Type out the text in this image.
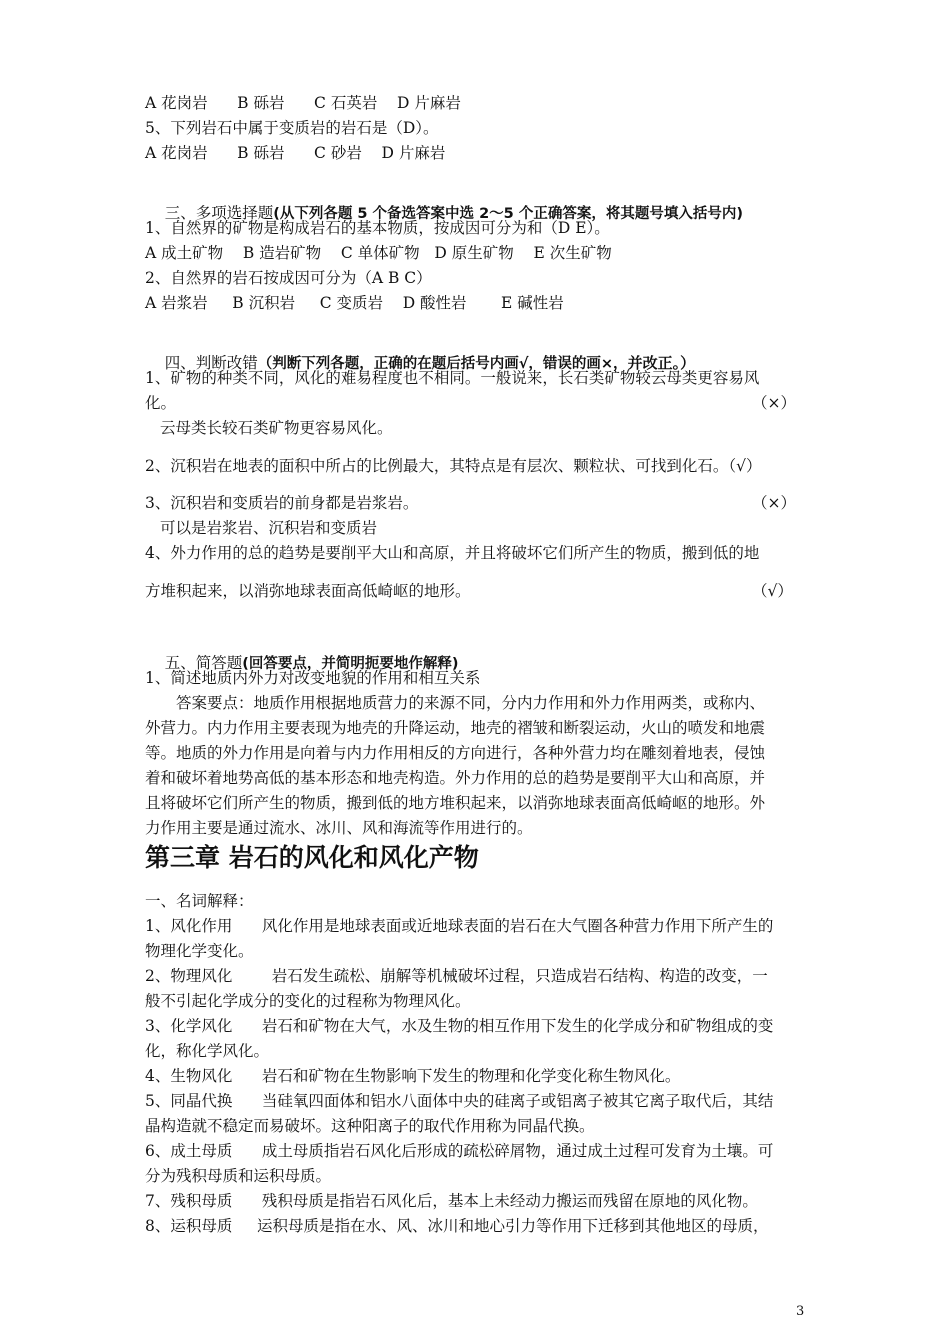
A 花岗岩      B 砾岩      C 石英岩    D 片麻岩
5、下列岩石中属于变质岩的岩石是（D）。
A 花岗岩      B 砾岩      C 砂岩    D 片麻岩

三、多项选择题(从下列各题 5 个备选答案中选 2～5 个正确答案，将其题号填入括号内)

1、自然界的矿物是构成岩石的基本物质，按成因可分为和（D E）。
A 成土矿物    B 造岩矿物    C 单体矿物   D 原生矿物    E 次生矿物
2、自然界的岩石按成因可分为（A B C）
A 岩浆岩     B 沉积岩     C 变质岩    D 酸性岩       E 碱性岩

四、判断改错（判断下列各题，正确的在题后括号内画√，错误的画×，并改正。）

1、矿物的种类不同，风化的难易程度也不相同。一般说来，长石类矿物较云母类更容易风
化。	（×）
云母类长较石类矿物更容易风化。
2、沉积岩在地表的面积中所占的比例最大，其特点是有层次、颗粒状、可找到化石。（√）
3、沉积岩和变质岩的前身都是岩浆岩。	（×）
可以是岩浆岩、沉积岩和变质岩
4、外力作用的总的趋势是要削平大山和高原，并且将破坏它们所产生的物质，搬到低的地
方堆积起来，以消弥地球表面高低崎岖的地形。	（√）

五、简答题(回答要点，并简明扼要地作解释)

1、简述地质内外力对改变地貌的作用和相互关系
答案要点：地质作用根据地质营力的来源不同，分内力作用和外力作用两类，或称内、
外营力。内力作用主要表现为地壳的升降运动，地壳的褶皱和断裂运动，火山的喷发和地震
等。地质的外力作用是向着与内力作用相反的方向进行，各种外营力均在雕刻着地表，侵蚀
着和破坏着地势高低的基本形态和地壳构造。外力作用的总的趋势是要削平大山和高原，并
且将破坏它们所产生的物质，搬到低的地方堆积起来，以消弥地球表面高低崎岖的地形。外
力作用主要是通过流水、冰川、风和海流等作用进行的。
第三章 岩石的风化和风化产物
一、名词解释：
1、风化作用      风化作用是地球表面或近地球表面的岩石在大气圈各种营力作用下所产生的
物理化学变化。
2、物理风化        岩石发生疏松、崩解等机械破坏过程，只造成岩石结构、构造的改变，一
般不引起化学成分的变化的过程称为物理风化。
3、化学风化      岩石和矿物在大气，水及生物的相互作用下发生的化学成分和矿物组成的变
化，称化学风化。
4、生物风化      岩石和矿物在生物影响下发生的物理和化学变化称生物风化。
5、同晶代换      当硅氧四面体和铝水八面体中央的硅离子或铝离子被其它离子取代后，其结
晶构造就不稳定而易破坏。这种阳离子的取代作用称为同晶代换。
6、成土母质      成土母质指岩石风化后形成的疏松碎屑物，通过成土过程可发育为土壤。可
分为残积母质和运积母质。
7、残积母质      残积母质是指岩石风化后，基本上未经动力搬运而残留在原地的风化物。
8、运积母质     运积母质是指在水、风、冰川和地心引力等作用下迁移到其他地区的母质，
3
